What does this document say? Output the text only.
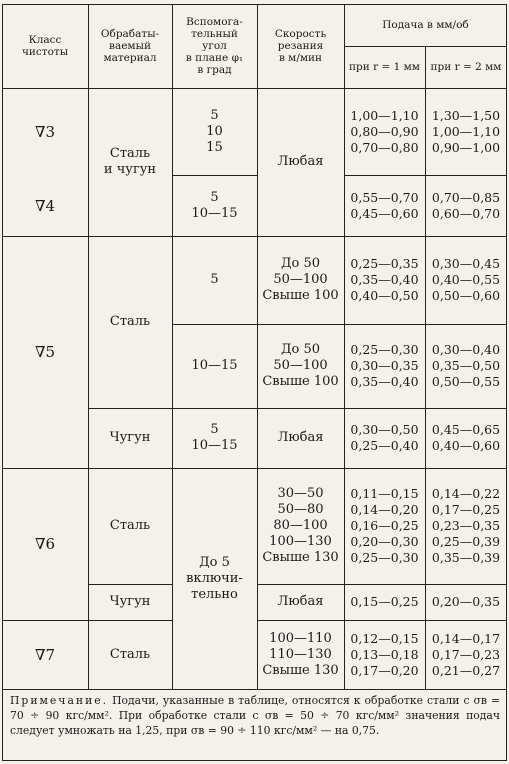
Класс
чистоты
Обрабаты-
ваемый
материал
Вспомога-
тельный
угол
в плане φ₁
в град
Скорость
резания
в м/мин
Подача в мм/об
при r = 1 мм при r = 2 мм
∇3
∇4
∇5
∇6
∇7
Сталь
и чугун
Сталь
Чугун
Сталь
Чугун
Сталь
5
10
15
5
10—15
5
10—15
5
10—15
До 5
включи-
тельно
Любая
До 50
50—100
Свыше 100
До 50
50—100
Свыше 100
Любая
30—50
50—80
80—100
100—130
Свыше 130
Любая
100—110
110—130
Свыше 130
1,00—1,10
0,80—0,90
0,70—0,80
0,55—0,70
0,45—0,60
0,25—0,35
0,35—0,40
0,40—0,50
0,25—0,30
0,30—0,35
0,35—0,40
0,30—0,50
0,25—0,40
0,11—0,15
0,14—0,20
0,16—0,25
0,20—0,30
0,25—0,30
0,15—0,25
0,12—0,15
0,13—0,18
0,17—0,20
1,30—1,50
1,00—1,10
0,90—1,00
0,70—0,85
0,60—0,70
0,30—0,45
0,40—0,55
0,50—0,60
0,30—0,40
0,35—0,50
0,50—0,55
0,45—0,65
0,40—0,60
0,14—0,22
0,17—0,25
0,23—0,35
0,25—0,39
0,35—0,39
0,20—0,35
0,14—0,17
0,17—0,23
0,21—0,27
Примечание. Подачи, указанные в таблице, относятся к обработке стали с σв = 70 ÷ 90 кгс/мм². При обработке стали с σв = 50 ÷ 70 кгс/мм² значения подач следует умножать на 1,25, при σв = 90 ÷ 110 кгс/мм² — на 0,75.
